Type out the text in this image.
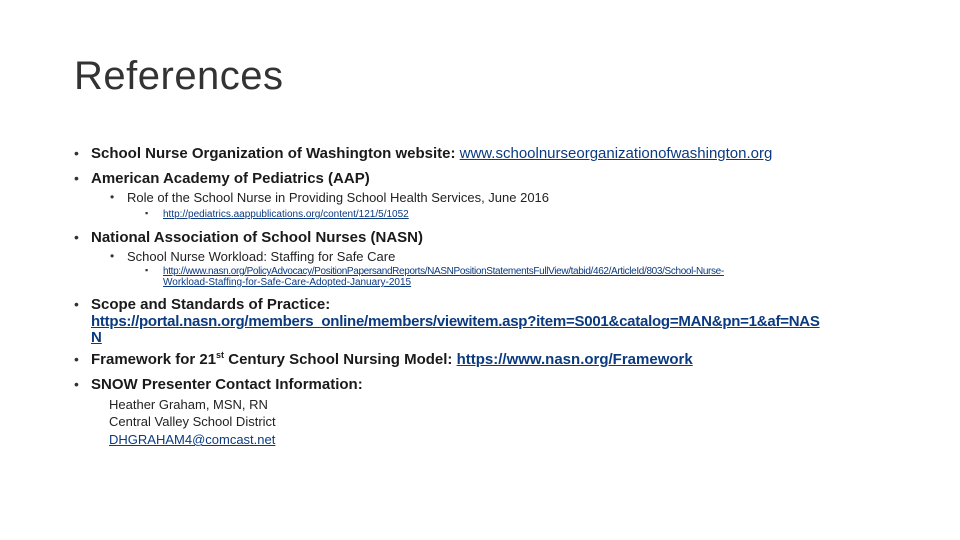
References
• School Nurse Organization of Washington website: www.schoolnurseorganizationofwashington.org
• American Academy of Pediatrics (AAP)
• Role of the School Nurse in Providing School Health Services, June 2016
▪ http://pediatrics.aappublications.org/content/121/5/1052
• National Association of School Nurses (NASN)
• School Nurse Workload: Staffing for Safe Care
▪ http://www.nasn.org/PolicyAdvocacy/PositionPapersandReports/NASNPositionStatementsFullView/tabid/462/ArticleId/803/School-Nurse-
Workload-Staffing-for-Safe-Care-Adopted-January-2015
• Scope and Standards of Practice:
https://portal.nasn.org/members_online/members/viewitem.asp?item=S001&catalog=MAN&pn=1&af=NAS
N
• Framework for 21st Century School Nursing Model: https://www.nasn.org/Framework
• SNOW Presenter Contact Information:
Heather Graham, MSN, RN
Central Valley School District
DHGRAHAM4@comcast.net
